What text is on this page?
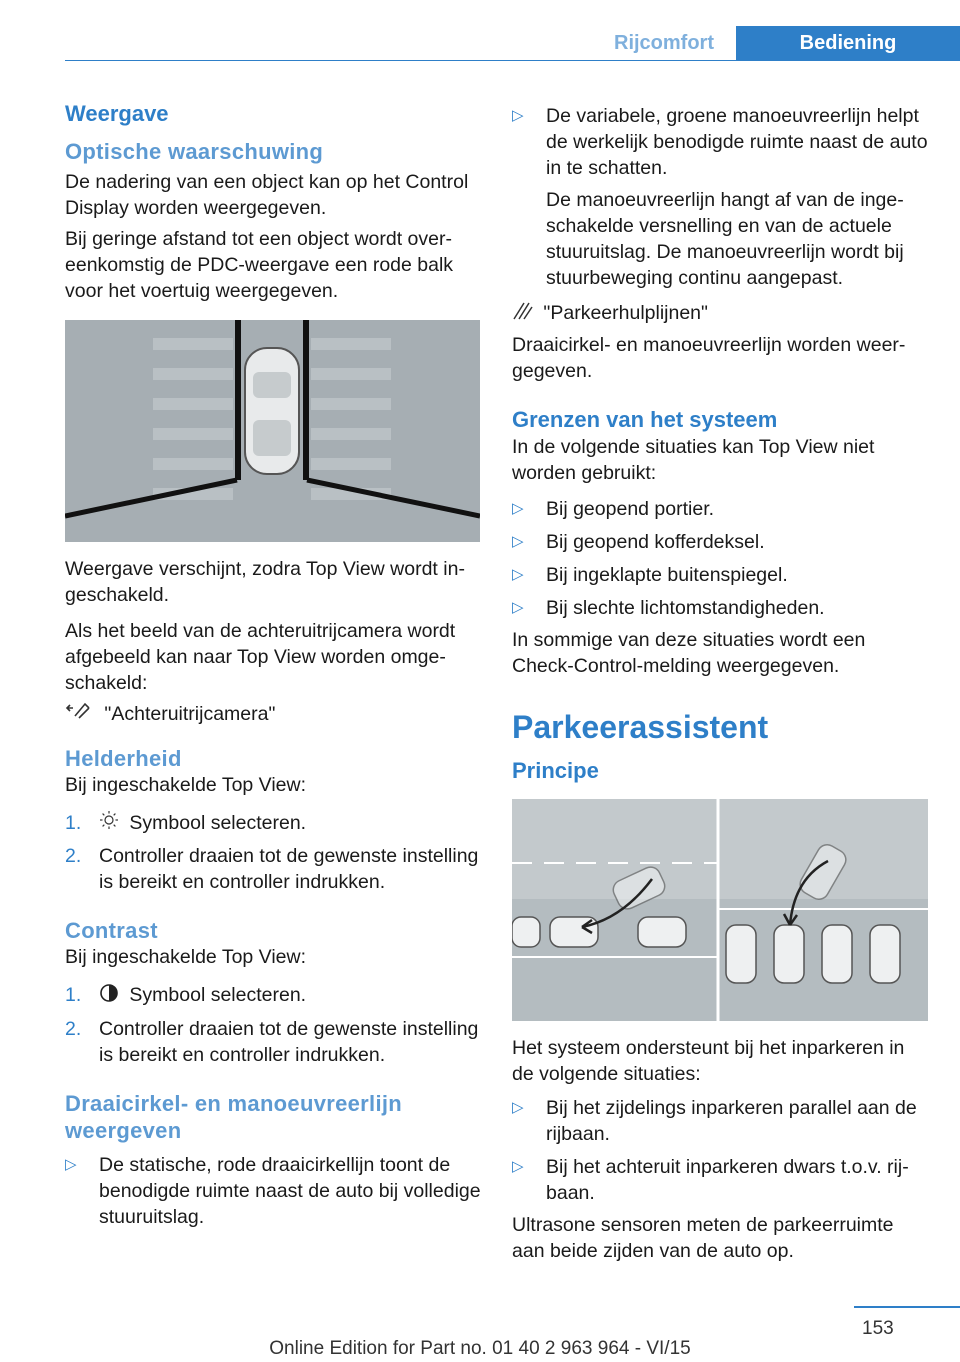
Rijcomfort	Bediening
Weergave
Optische waarschuwing

De nadering van een object kan op het Control Display worden weergegeven.

Bij geringe afstand tot een object wordt overeenkomstig de PDC-weergave een rode balk voor het voertuig weergegeven.

Weergave verschijnt, zodra Top View wordt ingeschakeld.

Als het beeld van de achteruitrijcamera wordt afgebeeld kan naar Top View worden omgeschakeld:

"Achteruitrijcamera"

Helderheid

Bij ingeschakelde Top View:

1. Symbool selecteren.
2. Controller draaien tot de gewenste instelling is bereikt en controller indrukken.
Contrast

Bij ingeschakelde Top View:

1. Symbool selecteren.
2. Controller draaien tot de gewenste instelling is bereikt en controller indrukken.
Draaicirkel- en manoeuvreerlijn weergeven
▷ De statische, rode draaicirkellijn toont de benodigde ruimte naast de auto bij volledige stuuruitslag.
▷ De variabele, groene manoeuvreerlijn helpt de werkelijk benodigde ruimte naast de auto in te schatten.

De manoeuvreerlijn hangt af van de ingeschakelde versnelling en van de actuele stuuruitslag. De manoeuvreerlijn wordt bij stuurbeweging continu aangepast.

"Parkeerhulplijnen"

Draaicirkel- en manoeuvreerlijn worden weergegeven.

Grenzen van het systeem

In de volgende situaties kan Top View niet worden gebruikt:

▷ Bij geopend portier.
▷ Bij geopend kofferdeksel.
▷ Bij ingeklapte buitenspiegel.
▷ Bij slechte lichtomstandigheden.

In sommige van deze situaties wordt een Check-Control-melding weergegeven.

Parkeerassistent
Principe

Het systeem ondersteunt bij het inparkeren in de volgende situaties:

▷ Bij het zijdelings inparkeren parallel aan de rijbaan.
▷ Bij het achteruit inparkeren dwars t.o.v. rijbaan.

Ultrasone sensoren meten de parkeerruimte aan beide zijden van de auto op.

153
Online Edition for Part no. 01 40 2 963 964 - VI/15
